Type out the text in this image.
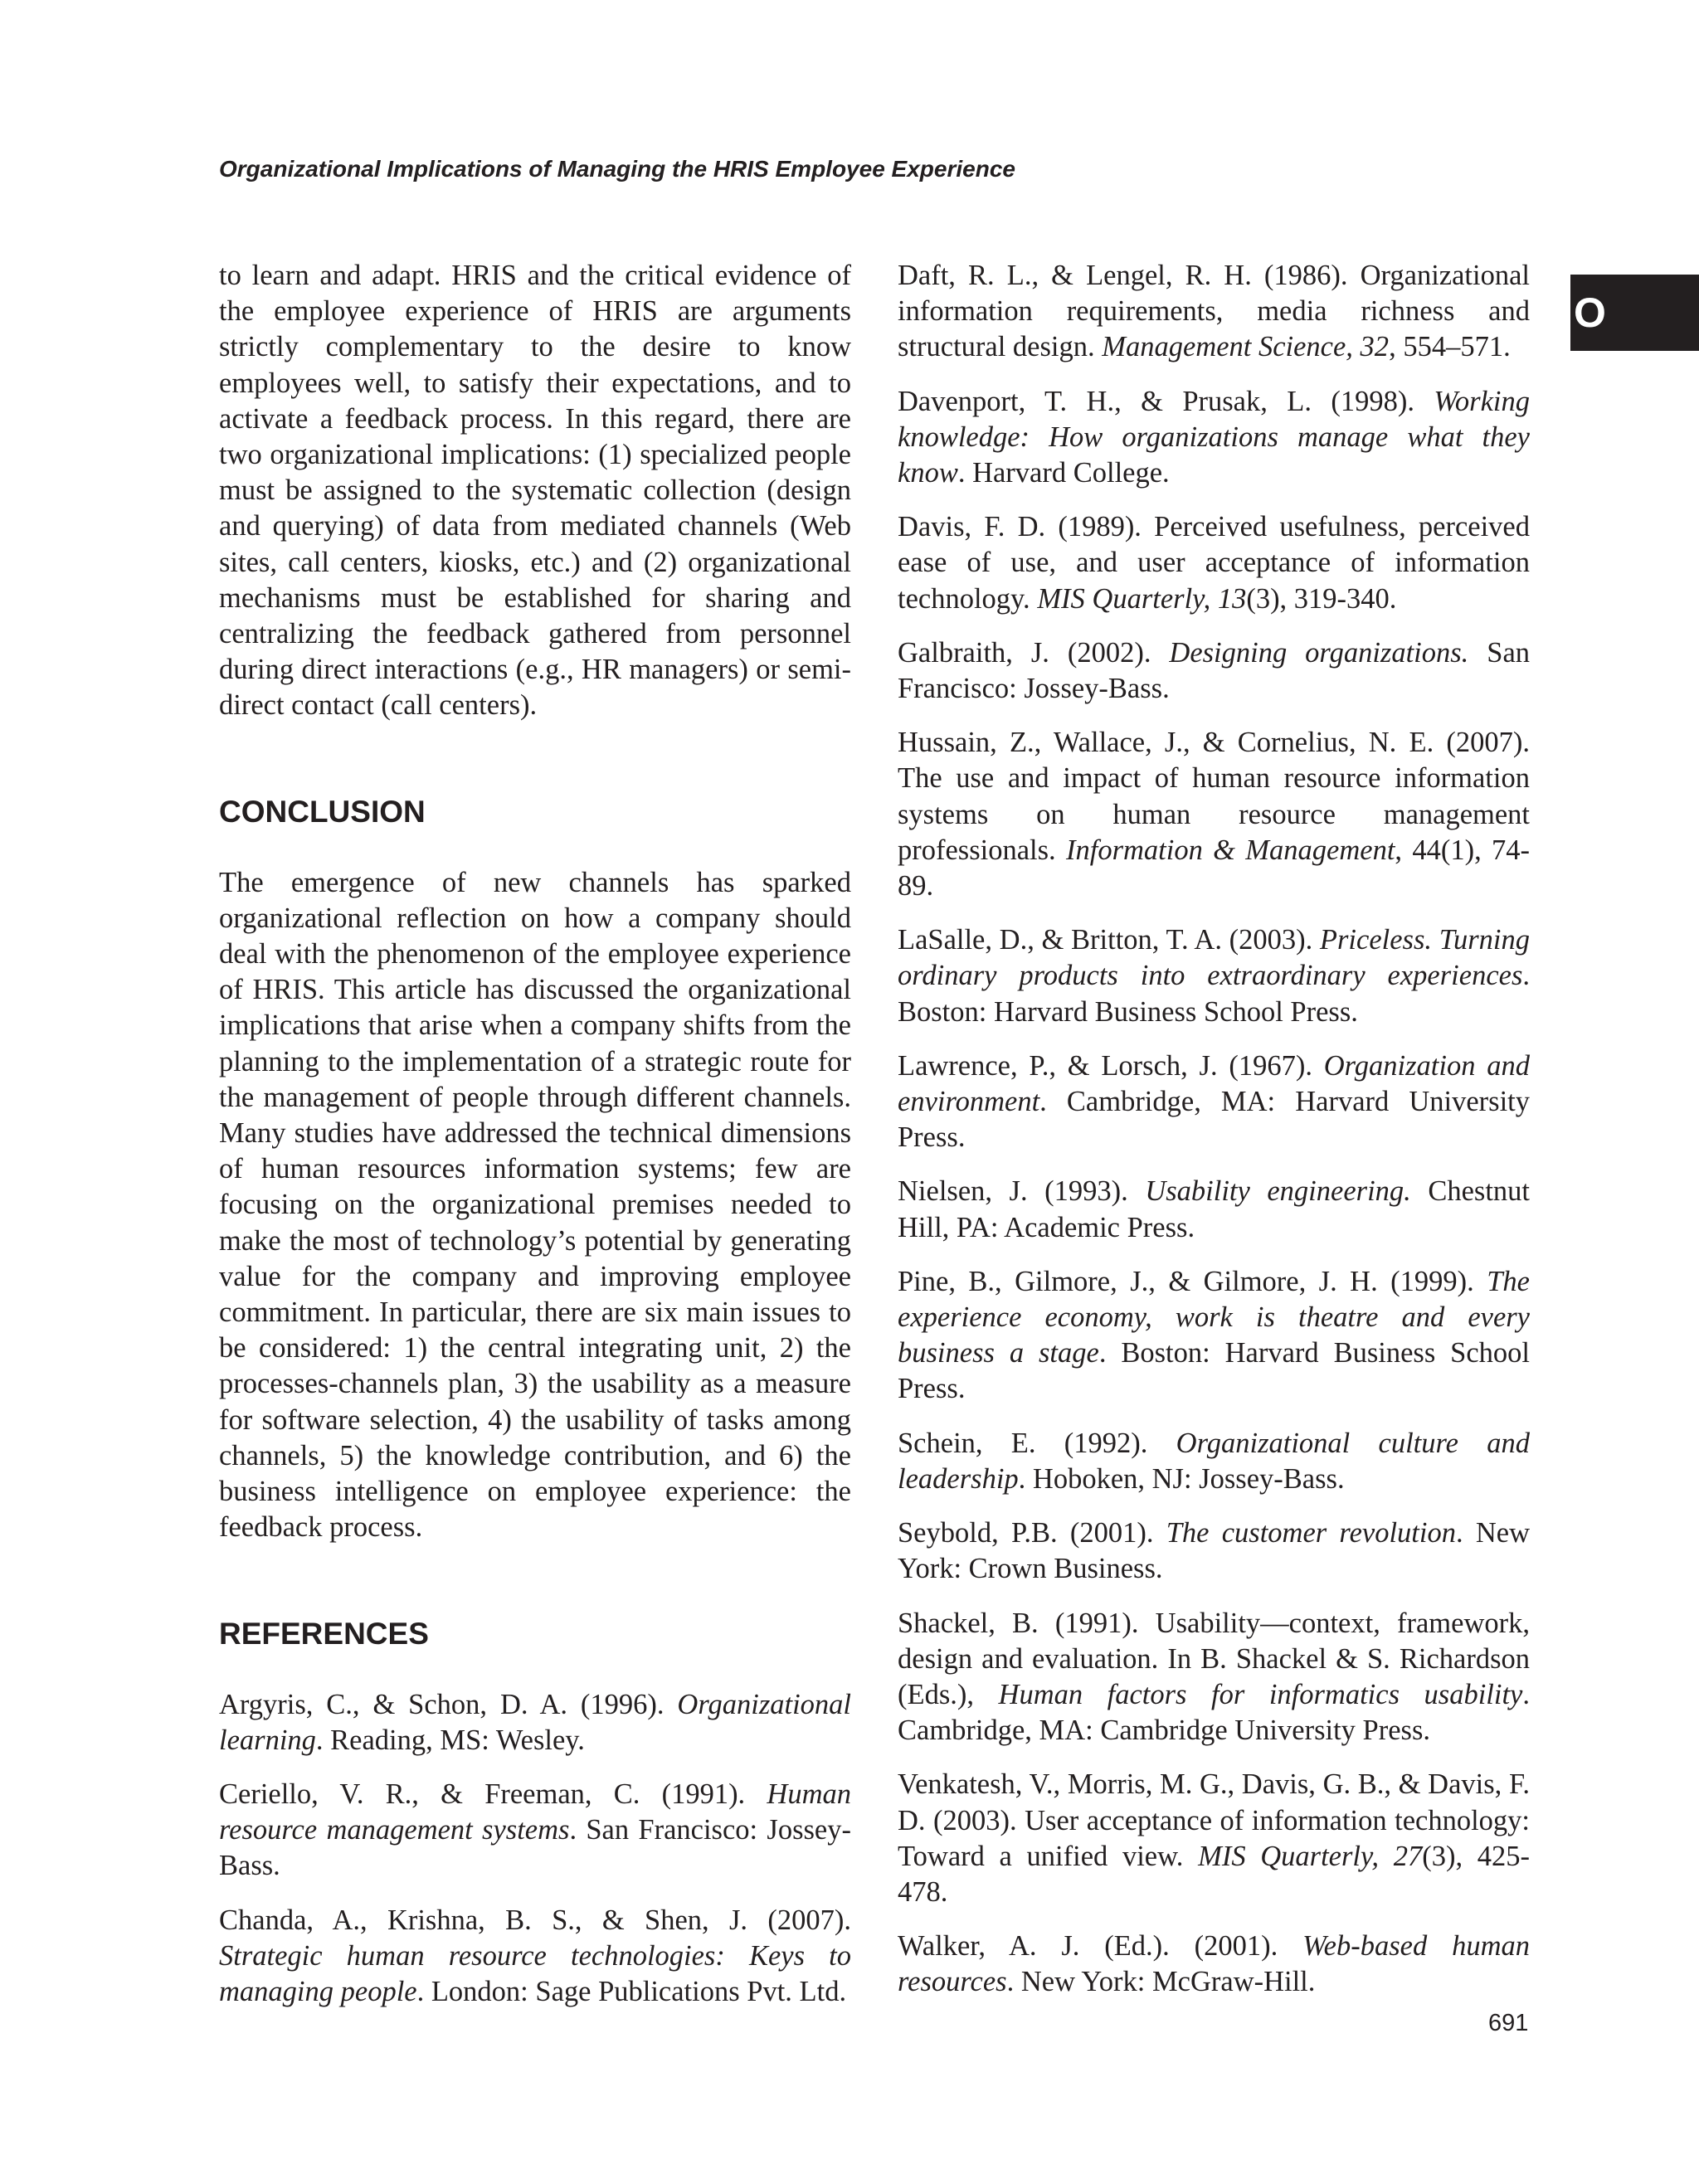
Organizational Implications of Managing the HRIS Employee Experience
O

to learn and adapt. HRIS and the critical evidence of the employee experience of HRIS are arguments strictly complementary to the desire to know employees well, to satisfy their expectations, and to activate a feedback process. In this regard, there are two organizational implications: (1) specialized people must be assigned to the systematic collection (design and querying) of data from mediated channels (Web sites, call centers, kiosks, etc.) and (2) organizational mechanisms must be established for sharing and centralizing the feedback gathered from personnel during direct interactions (e.g., HR managers) or semi-direct contact (call centers).

CONCLUSION

The emergence of new channels has sparked organizational reflection on how a company should deal with the phenomenon of the employee experience of HRIS. This article has discussed the organizational implications that arise when a company shifts from the planning to the implementation of a strategic route for the management of people through different channels. Many studies have addressed the technical dimensions of human resources information systems; few are focusing on the organizational premises needed to make the most of technology’s potential by generating value for the company and improving employee commitment. In particular, there are six main issues to be considered: 1) the central integrating unit, 2) the processes-channels plan, 3) the usability as a measure for software selection, 4) the usability of tasks among channels, 5) the knowledge contribution, and 6) the business intelligence on employee experience: the feedback process.

REFERENCES

Argyris, C., & Schon, D. A. (1996). Organizational learning. Reading, MS: Wesley.

Ceriello, V. R., & Freeman, C. (1991). Human resource management systems. San Francisco: Jossey-Bass.

Chanda, A., Krishna, B. S., & Shen, J. (2007). Strategic human resource technologies: Keys to managing people. London: Sage Publications Pvt. Ltd.

Daft, R. L., & Lengel, R. H. (1986). Organizational information requirements, media richness and structural design. Management Science, 32, 554–571.

Davenport, T. H., & Prusak, L. (1998). Working knowledge: How organizations manage what they know. Harvard College.

Davis, F. D. (1989). Perceived usefulness, perceived ease of use, and user acceptance of information technology. MIS Quarterly, 13(3), 319-340.

Galbraith, J. (2002). Designing organizations. San Francisco: Jossey-Bass.

Hussain, Z., Wallace, J., & Cornelius, N. E. (2007). The use and impact of human resource information systems on human resource management professionals. Information & Management, 44(1), 74-89.

LaSalle, D., & Britton, T. A. (2003). Priceless. Turning ordinary products into extraordinary experiences. Boston: Harvard Business School Press.

Lawrence, P., & Lorsch, J. (1967). Organization and environment. Cambridge, MA: Harvard University Press.

Nielsen, J. (1993). Usability engineering. Chestnut Hill, PA: Academic Press.

Pine, B., Gilmore, J., & Gilmore, J. H. (1999). The experience economy, work is theatre and every business a stage. Boston: Harvard Business School Press.

Schein, E. (1992). Organizational culture and leadership. Hoboken, NJ: Jossey-Bass.

Seybold, P.B. (2001). The customer revolution. New York: Crown Business.

Shackel, B. (1991). Usability—context, framework, design and evaluation. In B. Shackel & S. Richardson (Eds.), Human factors for informatics usability. Cambridge, MA: Cambridge University Press.

Venkatesh, V., Morris, M. G., Davis, G. B., & Davis, F. D. (2003). User acceptance of information technology: Toward a unified view. MIS Quarterly, 27(3), 425- 478.

Walker, A. J. (Ed.). (2001). Web-based human resources. New York: McGraw-Hill.

691
